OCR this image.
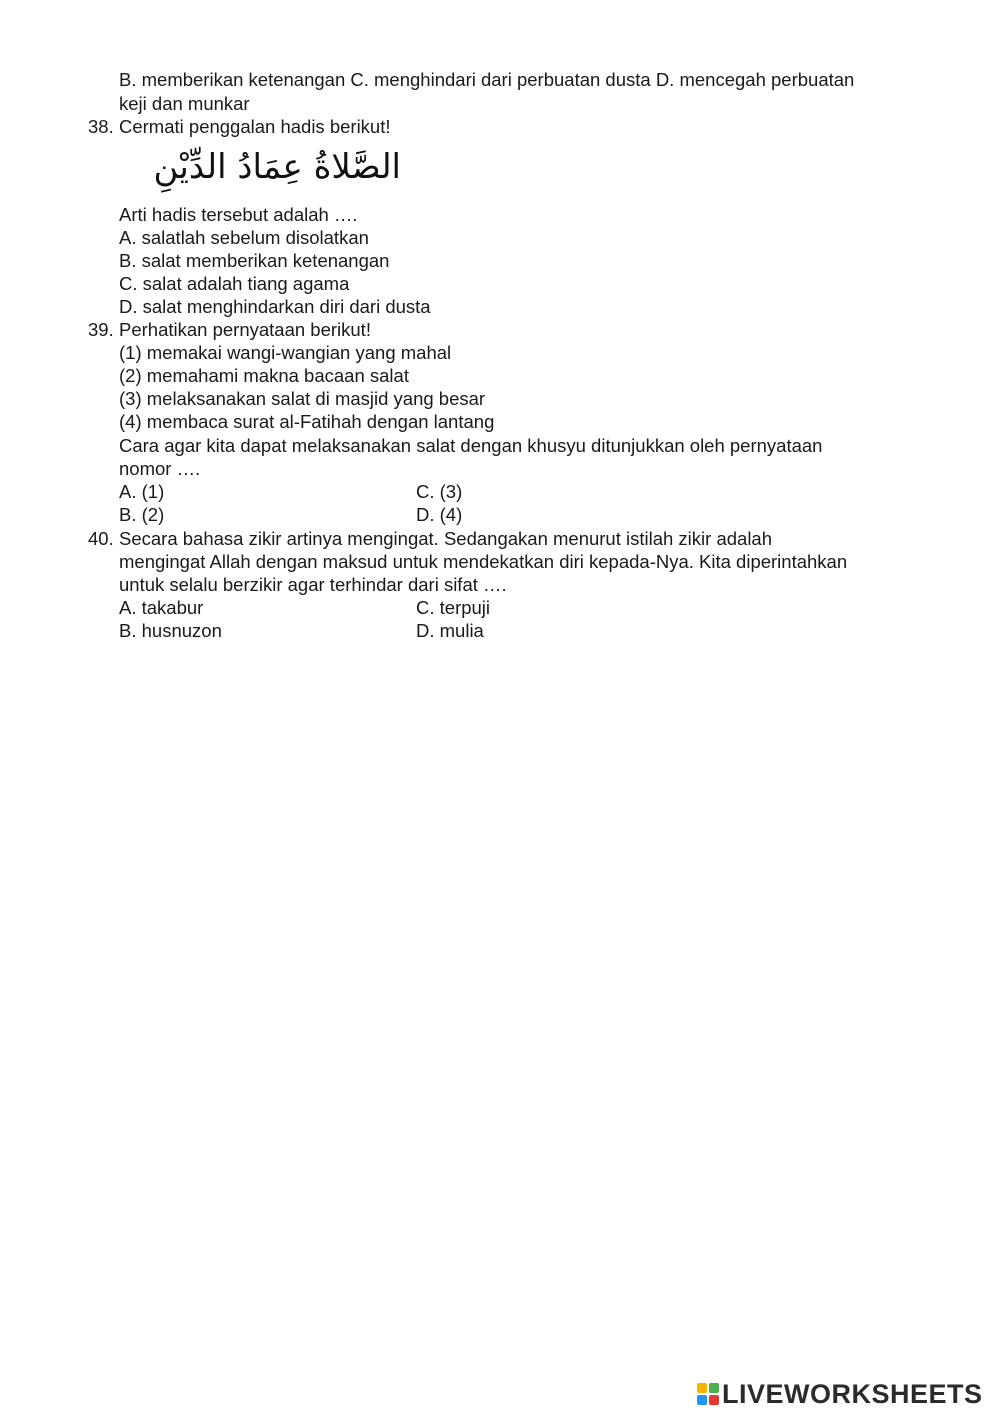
B. memberikan ketenangan C. menghindari dari perbuatan dusta D. mencegah perbuatan
keji dan munkar
38. Cermati penggalan hadis berikut!
الصَّلاةُ عِمَادُ الدِّيْنِ
Arti hadis tersebut adalah ….
A. salatlah sebelum disolatkan
B. salat memberikan ketenangan
C. salat adalah tiang agama
D. salat menghindarkan diri dari dusta
39. Perhatikan pernyataan berikut!
(1) memakai wangi-wangian yang mahal
(2) memahami makna bacaan salat
(3) melaksanakan salat di masjid yang besar
(4) membaca surat al-Fatihah dengan lantang
Cara agar kita dapat melaksanakan salat dengan khusyu ditunjukkan oleh pernyataan
nomor ….
A. (1)	C. (3)
B. (2)	D. (4)
40. Secara bahasa zikir artinya mengingat. Sedangakan menurut istilah zikir adalah
mengingat Allah dengan maksud untuk mendekatkan diri kepada-Nya. Kita diperintahkan
untuk selalu berzikir agar terhindar dari sifat ….
A. takabur	C. terpuji
B. husnuzon	D. mulia
LIVEWORKSHEETS
